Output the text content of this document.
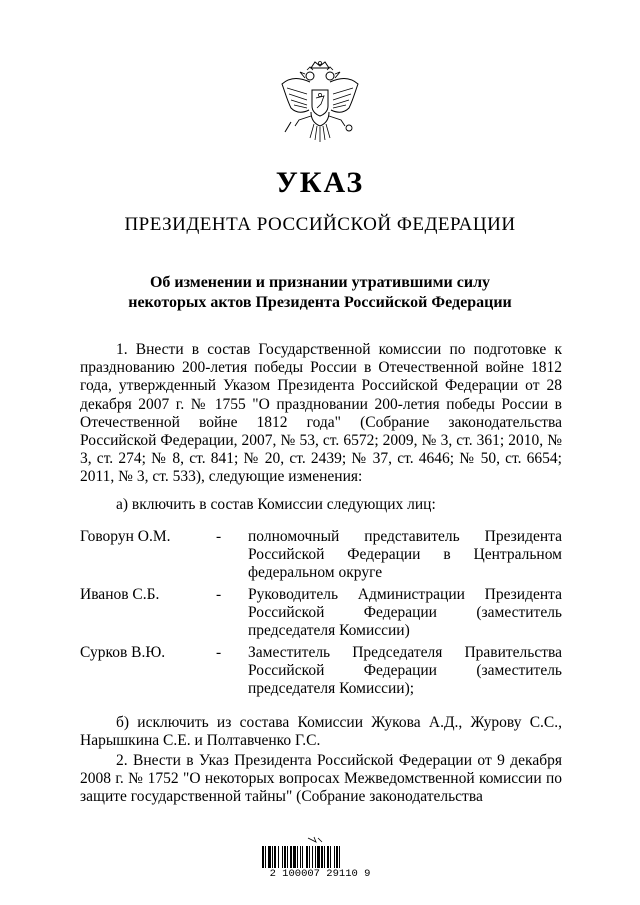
УКАЗ
ПРЕЗИДЕНТА РОССИЙСКОЙ ФЕДЕРАЦИИ
Об изменении и признании утратившими силу
некоторых актов Президента Российской Федерации
1. Внести в состав Государственной комиссии по подготовке к празднованию 200-летия победы России в Отечественной войне 1812 года, утвержденный Указом Президента Российской Федерации от 28 декабря 2007 г. № 1755 "О праздновании 200-летия победы России в Отечественной войне 1812 года" (Собрание законодательства Российской Федерации, 2007, № 53, ст. 6572; 2009, № 3, ст. 361; 2010, № 3, ст. 274; № 8, ст. 841; № 20, ст. 2439; № 37, ст. 4646; № 50, ст. 6654; 2011, № 3, ст. 533), следующие изменения:
а) включить в состав Комиссии следующих лиц:
Говорун О.М.	- полномочный представитель Президента Российской Федерации в Центральном федеральном округе
Иванов С.Б.	- Руководитель Администрации Президента Российской Федерации (заместитель председателя Комиссии)
Сурков В.Ю.	- Заместитель Председателя Правительства Российской Федерации (заместитель председателя Комиссии);
б) исключить из состава Комиссии Жукова А.Д., Журову С.С., Нарышкина С.Е. и Полтавченко Г.С.
2. Внести в Указ Президента Российской Федерации от 9 декабря 2008 г. № 1752 "О некоторых вопросах Межведомственной комиссии по защите государственной тайны" (Собрание законодательства
2 100007 29110 9
